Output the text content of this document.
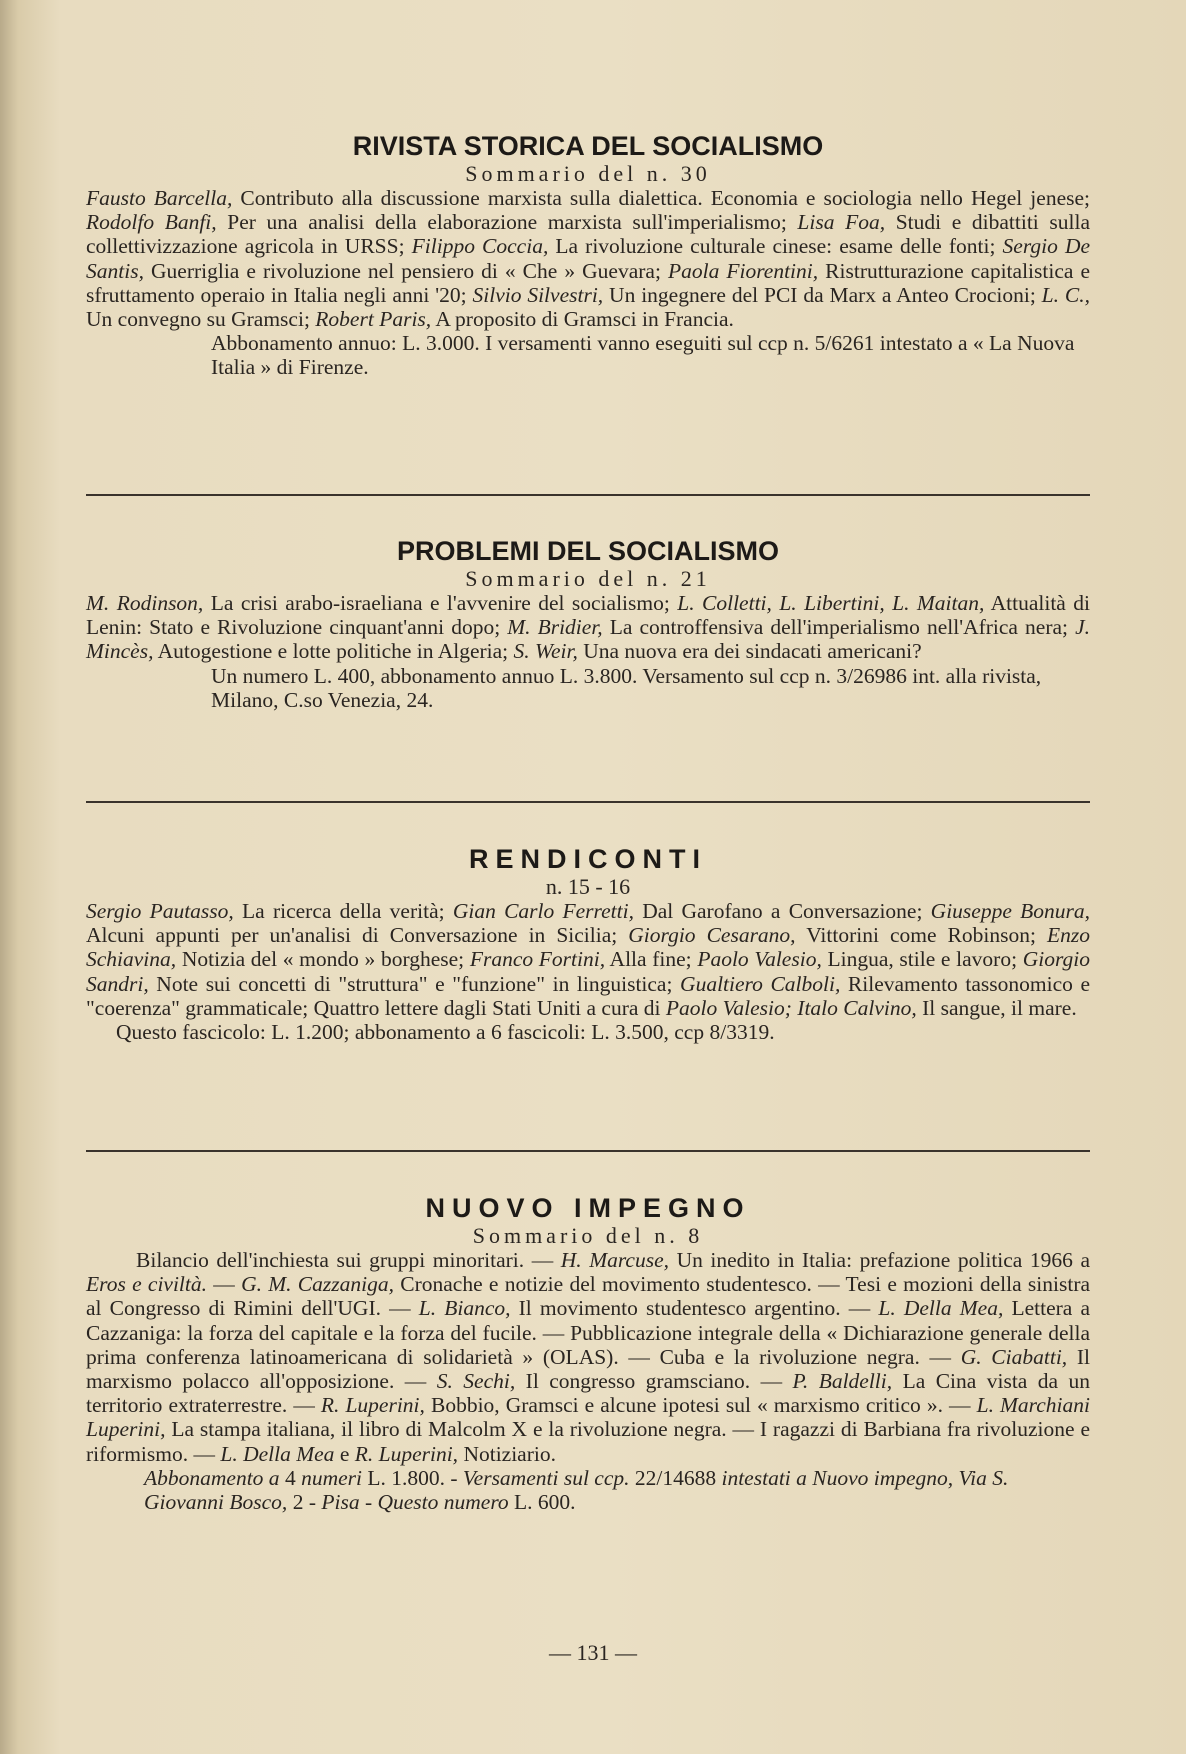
RIVISTA STORICA DEL SOCIALISMO
Sommario del n. 30

Fausto Barcella, Contributo alla discussione marxista sulla dialettica. Economia e sociologia nello Hegel jenese; Rodolfo Banfi, Per una analisi della elaborazione marxista sull'imperialismo; Lisa Foa, Studi e dibattiti sulla collettivizzazione agricola in URSS; Filippo Coccia, La rivoluzione culturale cinese: esame delle fonti; Sergio De Santis, Guerriglia e rivoluzione nel pensiero di « Che » Guevara; Paola Fiorentini, Ristrutturazione capitalistica e sfruttamento operaio in Italia negli anni '20; Silvio Silvestri, Un ingegnere del PCI da Marx a Anteo Crocioni; L. C., Un convegno su Gramsci; Robert Paris, A proposito di Gramsci in Francia.

Abbonamento annuo: L. 3.000. I versamenti vanno eseguiti sul ccp n. 5/6261 intestato a « La Nuova Italia » di Firenze.

PROBLEMI DEL SOCIALISMO
Sommario del n. 21

M. Rodinson, La crisi arabo-israeliana e l'avvenire del socialismo; L. Colletti, L. Libertini, L. Maitan, Attualità di Lenin: Stato e Rivoluzione cinquant'anni dopo; M. Bridier, La controffensiva dell'imperialismo nell'Africa nera; J. Mincès, Autogestione e lotte politiche in Algeria; S. Weir, Una nuova era dei sindacati americani?

Un numero L. 400, abbonamento annuo L. 3.800. Versamento sul ccp n. 3/26986 int. alla rivista, Milano, C.so Venezia, 24.

RENDICONTI
n. 15 - 16

Sergio Pautasso, La ricerca della verità; Gian Carlo Ferretti, Dal Garofano a Conversazione; Giuseppe Bonura, Alcuni appunti per un'analisi di Conversazione in Sicilia; Giorgio Cesarano, Vittorini come Robinson; Enzo Schiavina, Notizia del « mondo » borghese; Franco Fortini, Alla fine; Paolo Valesio, Lingua, stile e lavoro; Giorgio Sandri, Note sui concetti di "struttura" e "funzione" in linguistica; Gualtiero Calboli, Rilevamento tassonomico e "coerenza" grammaticale; Quattro lettere dagli Stati Uniti a cura di Paolo Valesio; Italo Calvino, Il sangue, il mare.

Questo fascicolo: L. 1.200; abbonamento a 6 fascicoli: L. 3.500, ccp 8/3319.

NUOVO IMPEGNO
Sommario del n. 8

Bilancio dell'inchiesta sui gruppi minoritari. — H. Marcuse, Un inedito in Italia: prefazione politica 1966 a Eros e civiltà. — G. M. Cazzaniga, Cronache e notizie del movimento studentesco. — Tesi e mozioni della sinistra al Congresso di Rimini dell'UGI. — L. Bianco, Il movimento studentesco argentino. — L. Della Mea, Lettera a Cazzaniga: la forza del capitale e la forza del fucile. — Pubblicazione integrale della « Dichiarazione generale della prima conferenza latinoamericana di solidarietà » (OLAS). — Cuba e la rivoluzione negra. — G. Ciabatti, Il marxismo polacco all'opposizione. — S. Sechi, Il congresso gramsciano. — P. Baldelli, La Cina vista da un territorio extraterrestre. — R. Luperini, Bobbio, Gramsci e alcune ipotesi sul « marxismo critico ». — L. Marchiani Luperini, La stampa italiana, il libro di Malcolm X e la rivoluzione negra. — I ragazzi di Barbiana fra rivoluzione e riformismo. — L. Della Mea e R. Luperini, Notiziario.

Abbonamento a 4 numeri L. 1.800. - Versamenti sul ccp. 22/14688 intestati a Nuovo impegno, Via S. Giovanni Bosco, 2 - Pisa - Questo numero L. 600.

— 131 —
